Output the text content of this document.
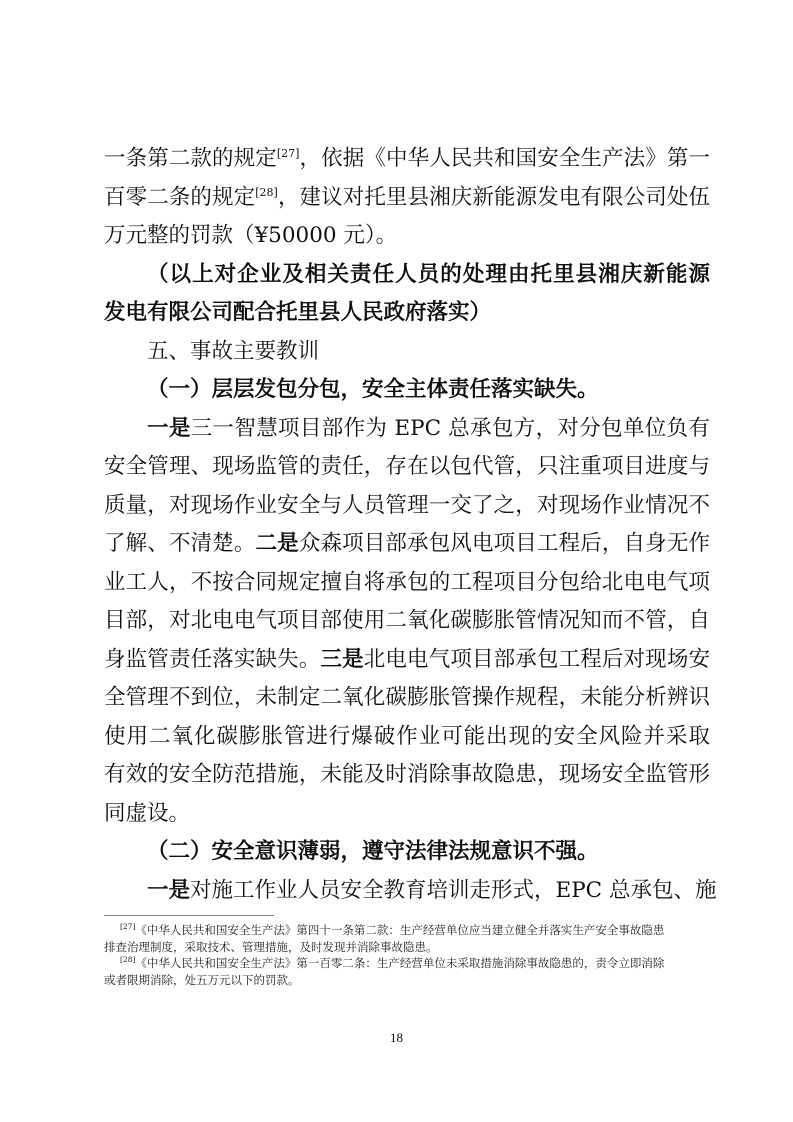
一条第二款的规定[27]，依据《中华人民共和国安全生产法》第一
百零二条的规定[28]，建议对托里县湘庆新能源发电有限公司处伍
万元整的罚款（¥50000 元）。
（以上对企业及相关责任人员的处理由托里县湘庆新能源
发电有限公司配合托里县人民政府落实）
五、事故主要教训
（一）层层发包分包，安全主体责任落实缺失。
一是三一智慧项目部作为 EPC 总承包方，对分包单位负有
安全管理、现场监管的责任，存在以包代管，只注重项目进度与
质量，对现场作业安全与人员管理一交了之，对现场作业情况不
了解、不清楚。二是众森项目部承包风电项目工程后，自身无作
业工人，不按合同规定擅自将承包的工程项目分包给北电电气项
目部，对北电电气项目部使用二氧化碳膨胀管情况知而不管，自
身监管责任落实缺失。三是北电电气项目部承包工程后对现场安
全管理不到位，未制定二氧化碳膨胀管操作规程，未能分析辨识
使用二氧化碳膨胀管进行爆破作业可能出现的安全风险并采取
有效的安全防范措施，未能及时消除事故隐患，现场安全监管形
同虚设。
（二）安全意识薄弱，遵守法律法规意识不强。
一是对施工作业人员安全教育培训走形式，EPC 总承包、施
[27]《中华人民共和国安全生产法》第四十一条第二款：生产经营单位应当建立健全并落实生产安全事故隐患
排查治理制度，采取技术、管理措施，及时发现并消除事故隐患。
[28]《中华人民共和国安全生产法》第一百零二条：生产经营单位未采取措施消除事故隐患的，责令立即消除
或者限期消除，处五万元以下的罚款。
18
